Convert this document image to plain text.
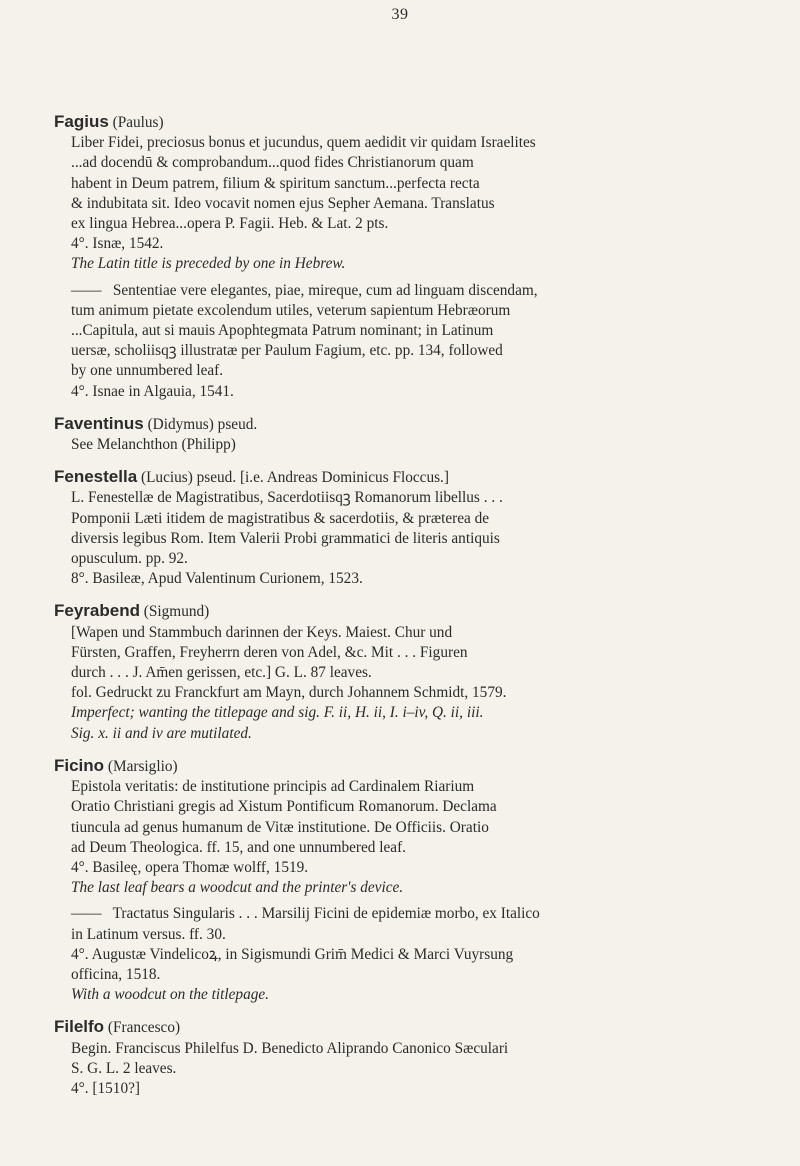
39
Fagius (Paulus)
Liber Fidei, preciosus bonus et jucundus, quem aedidit vir quidam Israelites
...ad docendū & comprobandum...quod fides Christianorum quam
habent in Deum patrem, filium & spiritum sanctum...perfecta recta
& indubitata sit. Ideo vocavit nomen ejus Sepher Aemana. Translatus
ex lingua Hebrea...opera P. Fagii. Heb. & Lat. 2 pts.
4°. Isnæ, 1542.
The Latin title is preceded by one in Hebrew.
—— Sententiae vere elegantes, piae, mireque, cum ad linguam discendam,
tum animum pietate excolendum utiles, veterum sapientum Hebræorum
...Capitula, aut si mauis Apophtegmata Patrum nominant; in Latinum
uersæ, scholiisqꝫ illustratæ per Paulum Fagium, etc. pp. 134, followed
by one unnumbered leaf.
4°. Isnae in Algauia, 1541.
Faventinus (Didymus) pseud.
See Melanchthon (Philipp)
Fenestella (Lucius) pseud. [i.e. Andreas Dominicus Floccus.]
L. Fenestellæ de Magistratibus, Sacerdotiisqꝫ Romanorum libellus . . .
Pomponii Læti itidem de magistratibus & sacerdotiis, & præterea de
diversis legibus Rom. Item Valerii Probi grammatici de literis antiquis
opusculum. pp. 92.
8°. Basileæ, Apud Valentinum Curionem, 1523.
Feyrabend (Sigmund)
[Wapen und Stammbuch darinnen der Keys. Maiest. Chur und
Fürsten, Graffen, Freyherrn deren von Adel, &c. Mit . . . Figuren
durch . . . J. Am̄en gerissen, etc.] G. L. 87 leaves.
fol. Gedruckt zu Franckfurt am Mayn, durch Johannem Schmidt, 1579.
Imperfect; wanting the titlepage and sig. F. ii, H. ii, I. i–iv, Q. ii, iii.
Sig. x. ii and iv are mutilated.
Ficino (Marsiglio)
Epistola veritatis: de institutione principis ad Cardinalem Riarium
Oratio Christiani gregis ad Xistum Pontificum Romanorum. Declama
tiuncula ad genus humanum de Vitæ institutione. De Officiis. Oratio
ad Deum Theologica. ff. 15, and one unnumbered leaf.
4°. Basileę, opera Thomæ wolff, 1519.
The last leaf bears a woodcut and the printer's device.
—— Tractatus Singularis . . . Marsilij Ficini de epidemiæ morbo, ex Italico
in Latinum versus. ff. 30.
4°. Augustæ Vindelicoꝝ, in Sigismundi Grim̄ Medici & Marci Vuyrsung
officina, 1518.
With a woodcut on the titlepage.
Filelfo (Francesco)
Begin. Franciscus Philelfus D. Benedicto Aliprando Canonico Sæculari
S. G. L. 2 leaves.
4°. [1510?]
